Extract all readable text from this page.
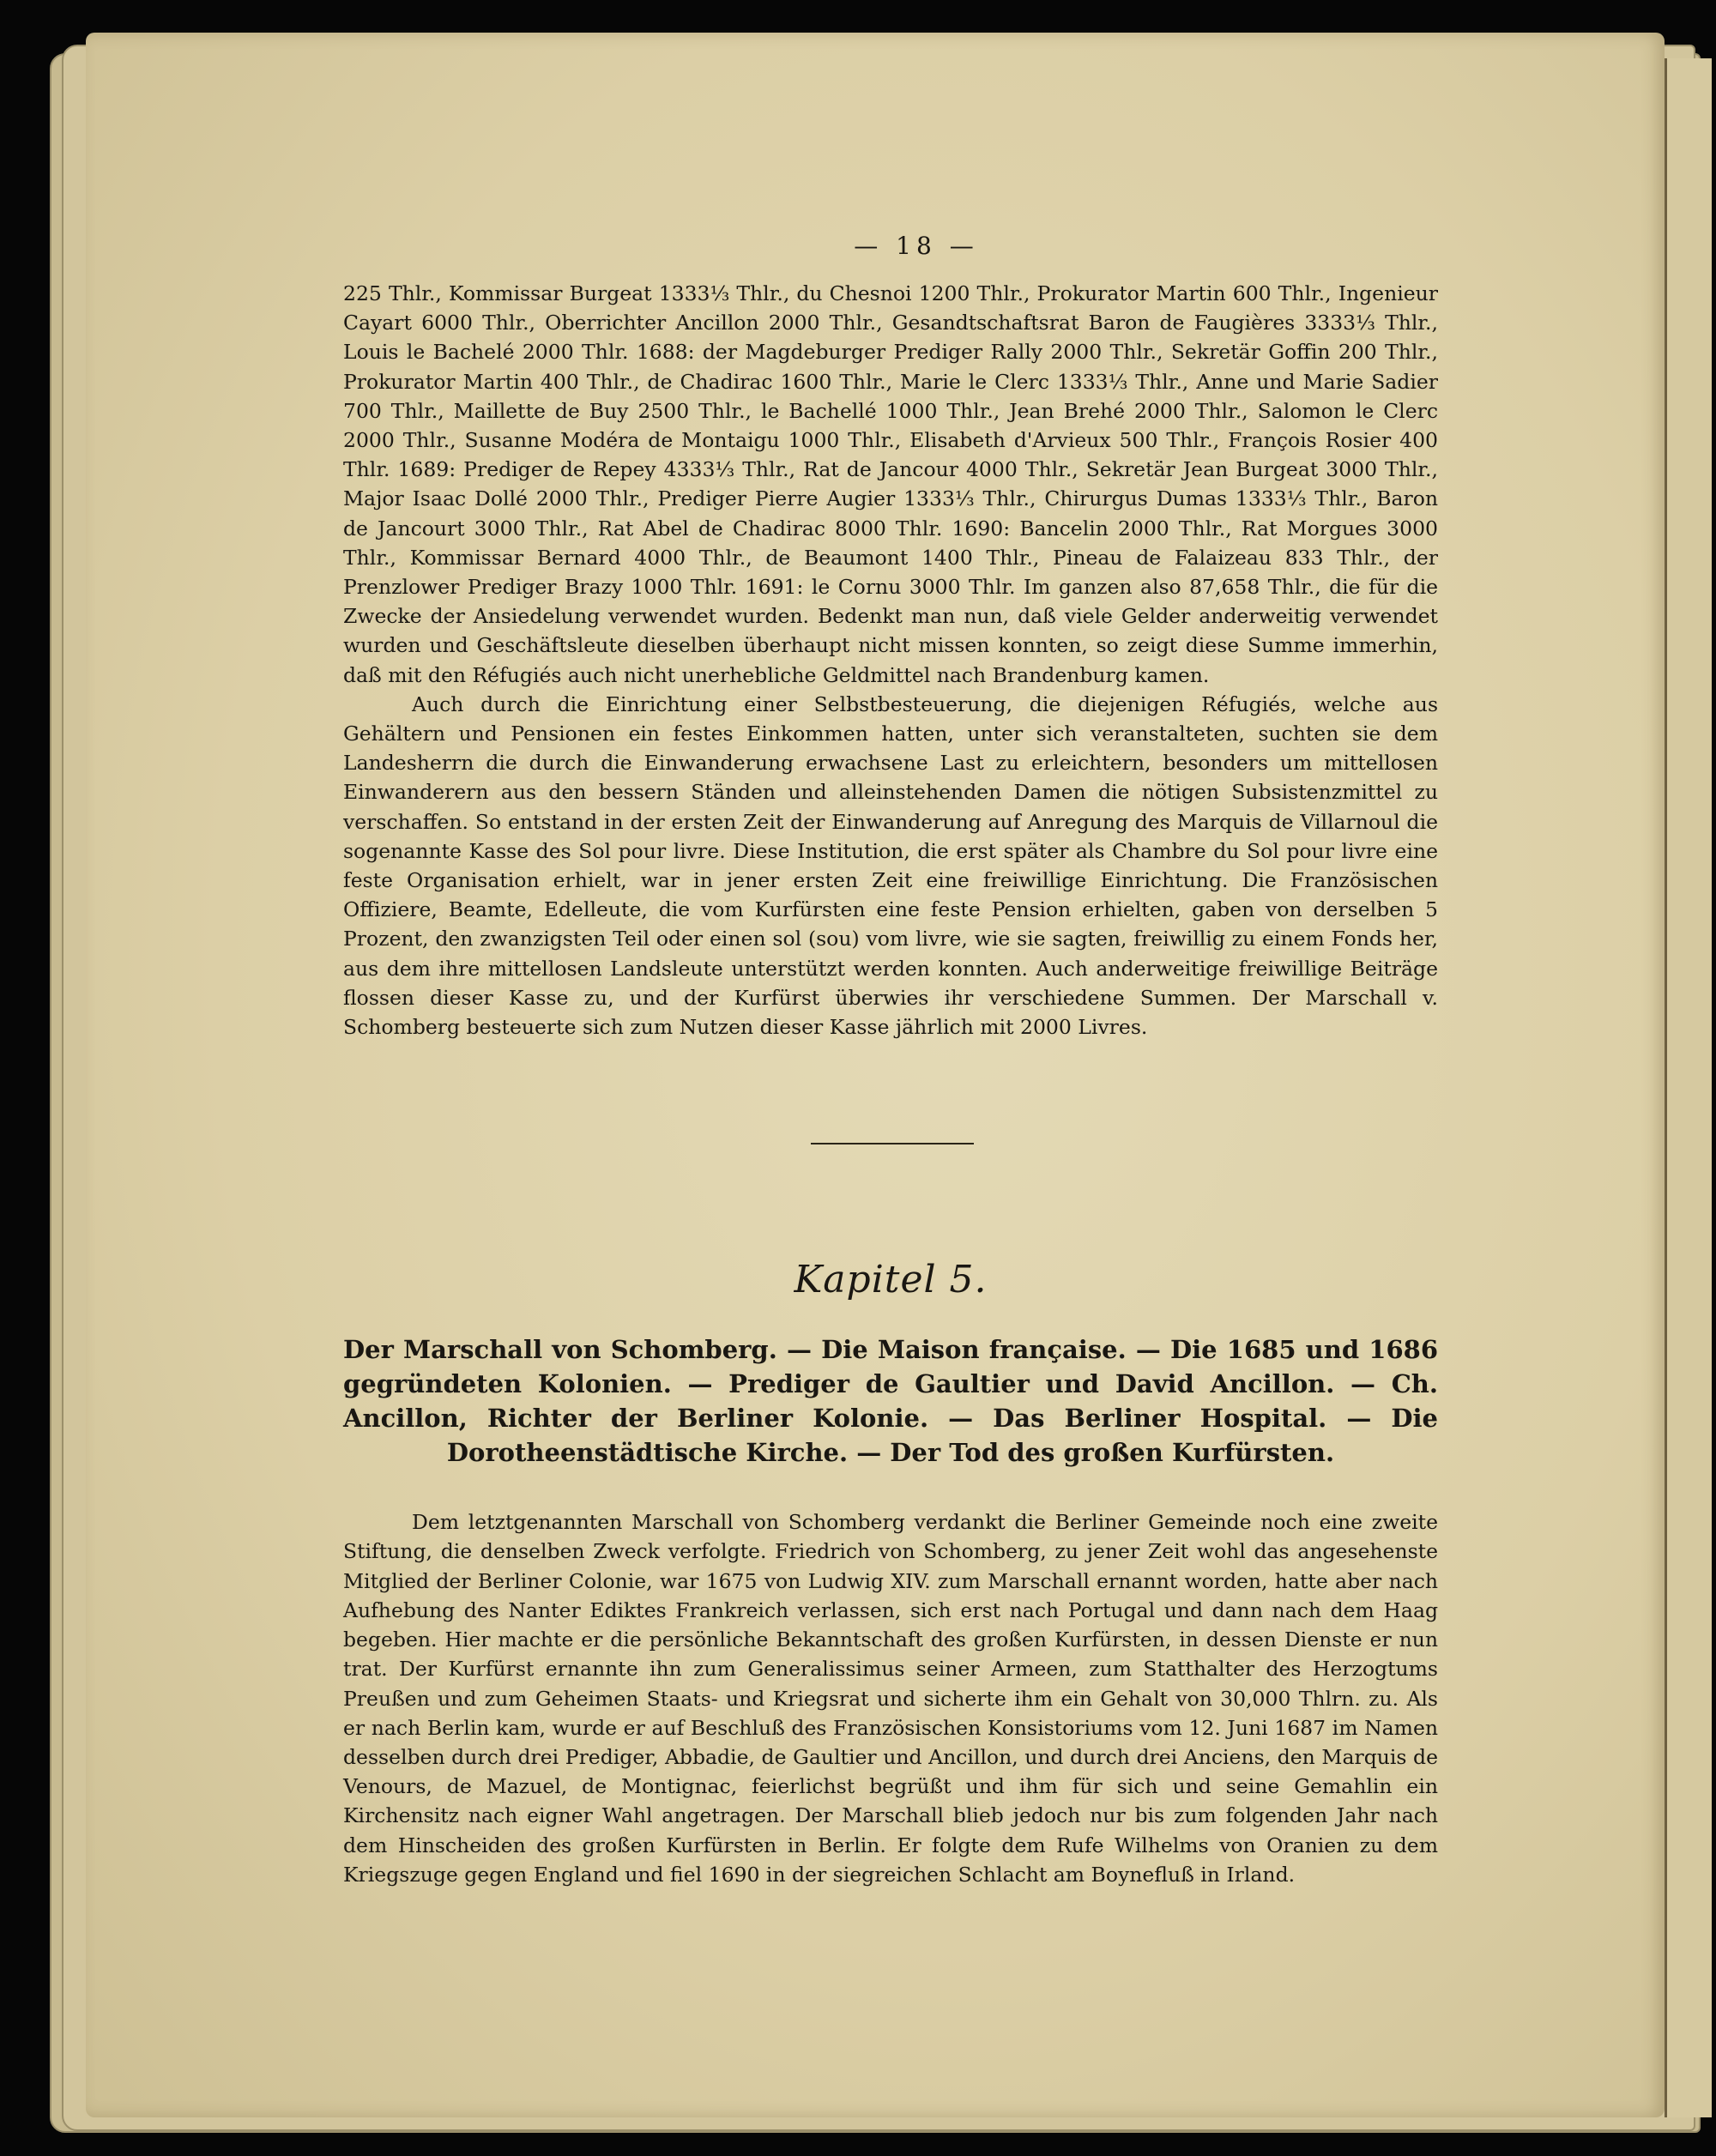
— 18 —

225 Thlr., Kommissar Burgeat 1333⅓ Thlr., du Chesnoi 1200 Thlr., Prokurator Martin 600 Thlr., Ingenieur Cayart 6000 Thlr., Oberrichter Ancillon 2000 Thlr., Gesandtschaftsrat Baron de Faugières 3333⅓ Thlr., Louis le Bachelé 2000 Thlr. 1688: der Magdeburger Prediger Rally 2000 Thlr., Sekretär Goffin 200 Thlr., Prokurator Martin 400 Thlr., de Chadirac 1600 Thlr., Marie le Clerc 1333⅓ Thlr., Anne und Marie Sadier 700 Thlr., Maillette de Buy 2500 Thlr., le Bachellé 1000 Thlr., Jean Brehé 2000 Thlr., Salomon le Clerc 2000 Thlr., Susanne Modéra de Montaigu 1000 Thlr., Elisabeth d'Arvieux 500 Thlr., François Rosier 400 Thlr. 1689: Prediger de Repey 4333⅓ Thlr., Rat de Jancour 4000 Thlr., Sekretär Jean Burgeat 3000 Thlr., Major Isaac Dollé 2000 Thlr., Prediger Pierre Augier 1333⅓ Thlr., Chirurgus Dumas 1333⅓ Thlr., Baron de Jancourt 3000 Thlr., Rat Abel de Chadirac 8000 Thlr. 1690: Bancelin 2000 Thlr., Rat Morgues 3000 Thlr., Kommissar Bernard 4000 Thlr., de Beaumont 1400 Thlr., Pineau de Falaizeau 833 Thlr., der Prenzlower Prediger Brazy 1000 Thlr. 1691: le Cornu 3000 Thlr. Im ganzen also 87,658 Thlr., die für die Zwecke der Ansiedelung verwendet wurden. Bedenkt man nun, daß viele Gelder anderweitig verwendet wurden und Geschäftsleute dieselben überhaupt nicht missen konnten, so zeigt diese Summe immerhin, daß mit den Réfugiés auch nicht unerhebliche Geldmittel nach Brandenburg kamen.

Auch durch die Einrichtung einer Selbstbesteuerung, die diejenigen Réfugiés, welche aus Gehältern und Pensionen ein festes Einkommen hatten, unter sich veranstalteten, suchten sie dem Landesherrn die durch die Einwanderung erwachsene Last zu erleichtern, besonders um mittellosen Einwanderern aus den bessern Ständen und alleinstehenden Damen die nötigen Subsistenzmittel zu verschaffen. So entstand in der ersten Zeit der Einwanderung auf Anregung des Marquis de Villarnoul die sogenannte Kasse des Sol pour livre. Diese Institution, die erst später als Chambre du Sol pour livre eine feste Organisation erhielt, war in jener ersten Zeit eine freiwillige Einrichtung. Die Französischen Offiziere, Beamte, Edelleute, die vom Kurfürsten eine feste Pension erhielten, gaben von derselben 5 Prozent, den zwanzigsten Teil oder einen sol (sou) vom livre, wie sie sagten, freiwillig zu einem Fonds her, aus dem ihre mittellosen Landsleute unterstützt werden konnten. Auch anderweitige freiwillige Beiträge flossen dieser Kasse zu, und der Kurfürst überwies ihr verschiedene Summen. Der Marschall v. Schomberg besteuerte sich zum Nutzen dieser Kasse jährlich mit 2000 Livres.

Kapitel 5.

Der Marschall von Schomberg. — Die Maison française. — Die 1685 und 1686 gegründeten Kolonien. — Prediger de Gaultier und David Ancillon. — Ch. Ancillon, Richter der Berliner Kolonie. — Das Berliner Hospital. — Die Dorotheenstädtische Kirche. — Der Tod des großen Kurfürsten.

Dem letztgenannten Marschall von Schomberg verdankt die Berliner Gemeinde noch eine zweite Stiftung, die denselben Zweck verfolgte. Friedrich von Schomberg, zu jener Zeit wohl das angesehenste Mitglied der Berliner Colonie, war 1675 von Ludwig XIV. zum Marschall ernannt worden, hatte aber nach Aufhebung des Nanter Ediktes Frankreich verlassen, sich erst nach Portugal und dann nach dem Haag begeben. Hier machte er die persönliche Bekanntschaft des großen Kurfürsten, in dessen Dienste er nun trat. Der Kurfürst ernannte ihn zum Generalissimus seiner Armeen, zum Statthalter des Herzogtums Preußen und zum Geheimen Staats- und Kriegsrat und sicherte ihm ein Gehalt von 30,000 Thlrn. zu. Als er nach Berlin kam, wurde er auf Beschluß des Französischen Konsistoriums vom 12. Juni 1687 im Namen desselben durch drei Prediger, Abbadie, de Gaultier und Ancillon, und durch drei Anciens, den Marquis de Venours, de Mazuel, de Montignac, feierlichst begrüßt und ihm für sich und seine Gemahlin ein Kirchensitz nach eigner Wahl angetragen. Der Marschall blieb jedoch nur bis zum folgenden Jahr nach dem Hinscheiden des großen Kurfürsten in Berlin. Er folgte dem Rufe Wilhelms von Oranien zu dem Kriegszuge gegen England und fiel 1690 in der siegreichen Schlacht am Boynefluß in Irland.
